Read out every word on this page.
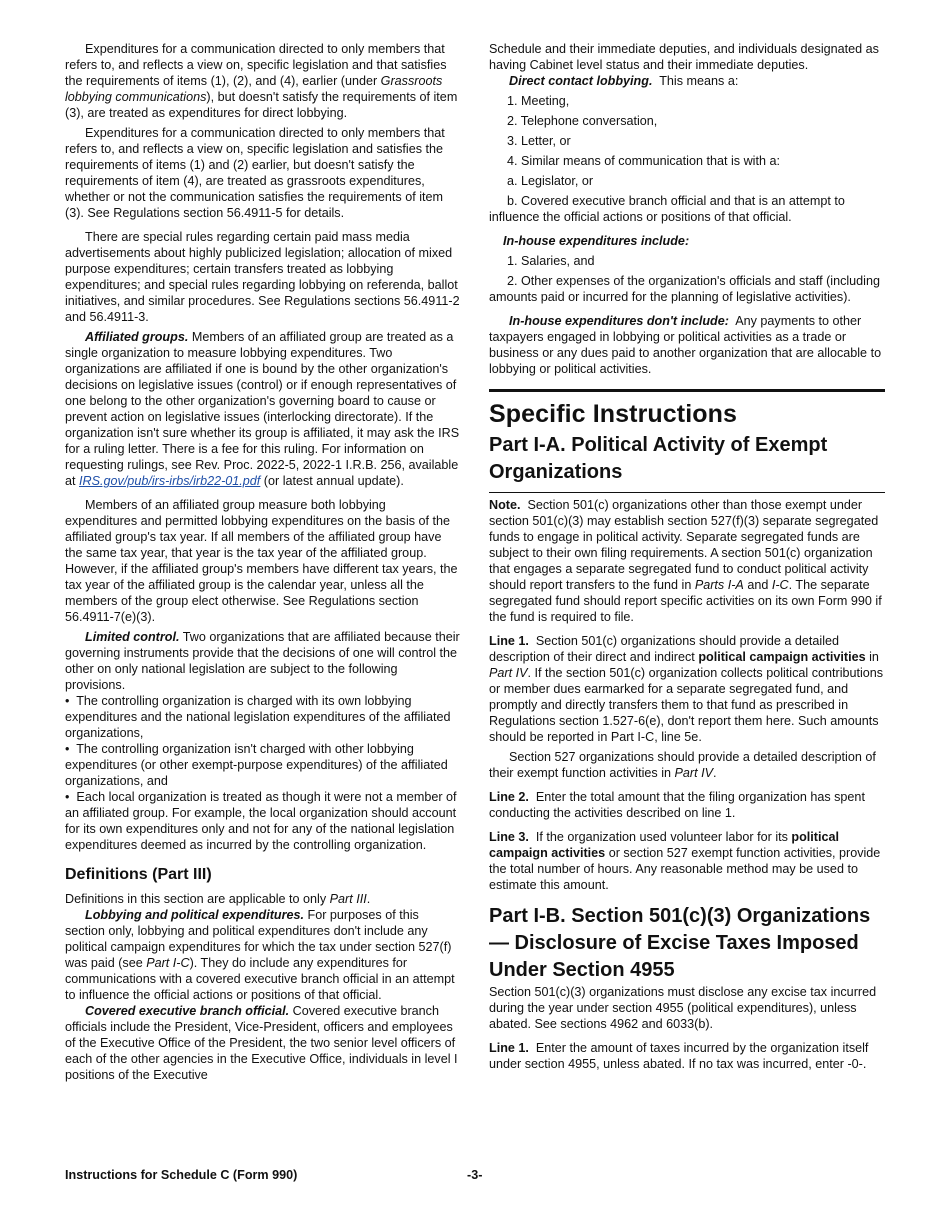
Expenditures for a communication directed to only members that refers to, and reflects a view on, specific legislation and that satisfies the requirements of items (1), (2), and (4), earlier (under Grassroots lobbying communications), but doesn't satisfy the requirements of item (3), are treated as expenditures for direct lobbying.

Expenditures for a communication directed to only members that refers to, and reflects a view on, specific legislation and satisfies the requirements of items (1) and (2) earlier, but doesn't satisfy the requirements of item (4), are treated as grassroots expenditures, whether or not the communication satisfies the requirements of item (3). See Regulations section 56.4911-5 for details.

There are special rules regarding certain paid mass media advertisements about highly publicized legislation; allocation of mixed purpose expenditures; certain transfers treated as lobbying expenditures; and special rules regarding lobbying on referenda, ballot initiatives, and similar procedures. See Regulations sections 56.4911-2 and 56.4911-3.

Affiliated groups. Members of an affiliated group are treated as a single organization to measure lobbying expenditures. Two organizations are affiliated if one is bound by the other organization's decisions on legislative issues (control) or if enough representatives of one belong to the other organization's governing board to cause or prevent action on legislative issues (interlocking directorate). If the organization isn't sure whether its group is affiliated, it may ask the IRS for a ruling letter. There is a fee for this ruling. For information on requesting rulings, see Rev. Proc. 2022-5, 2022-1 I.R.B. 256, available at IRS.gov/pub/irs-irbs/irb22-01.pdf (or latest annual update).

Members of an affiliated group measure both lobbying expenditures and permitted lobbying expenditures on the basis of the affiliated group's tax year. If all members of the affiliated group have the same tax year, that year is the tax year of the affiliated group. However, if the affiliated group's members have different tax years, the tax year of the affiliated group is the calendar year, unless all the members of the group elect otherwise. See Regulations section 56.4911-7(e)(3).

Limited control. Two organizations that are affiliated because their governing instruments provide that the decisions of one will control the other on only national legislation are subject to the following provisions.

• The controlling organization is charged with its own lobbying expenditures and the national legislation expenditures of the affiliated organizations,

• The controlling organization isn't charged with other lobbying expenditures (or other exempt-purpose expenditures) of the affiliated organizations, and

• Each local organization is treated as though it were not a member of an affiliated group. For example, the local organization should account for its own expenditures only and not for any of the national legislation expenditures deemed as incurred by the controlling organization.

Definitions (Part III)

Definitions in this section are applicable to only Part III.

Lobbying and political expenditures. For purposes of this section only, lobbying and political expenditures don't include any political campaign expenditures for which the tax under section 527(f) was paid (see Part I-C). They do include any expenditures for communications with a covered executive branch official in an attempt to influence the official actions or positions of that official.

Covered executive branch official. Covered executive branch officials include the President, Vice-President, officers and employees of the Executive Office of the President, the two senior level officers of each of the other agencies in the Executive Office, individuals in level I positions of the Executive

Schedule and their immediate deputies, and individuals designated as having Cabinet level status and their immediate deputies.

Direct contact lobbying. This means a:

1. Meeting,

2. Telephone conversation,

3. Letter, or

4. Similar means of communication that is with a:

a. Legislator, or

b. Covered executive branch official and that is an attempt to influence the official actions or positions of that official.

In-house expenditures include:

1. Salaries, and

2. Other expenses of the organization's officials and staff (including amounts paid or incurred for the planning of legislative activities).

In-house expenditures don't include: Any payments to other taxpayers engaged in lobbying or political activities as a trade or business or any dues paid to another organization that are allocable to lobbying or political activities.

Specific Instructions
Part I-A. Political Activity of Exempt Organizations

Note. Section 501(c) organizations other than those exempt under section 501(c)(3) may establish section 527(f)(3) separate segregated funds to engage in political activity. Separate segregated funds are subject to their own filing requirements. A section 501(c) organization that engages a separate segregated fund to conduct political activity should report transfers to the fund in Parts I-A and I-C. The separate segregated fund should report specific activities on its own Form 990 if the fund is required to file.

Line 1. Section 501(c) organizations should provide a detailed description of their direct and indirect political campaign activities in Part IV. If the section 501(c) organization collects political contributions or member dues earmarked for a separate segregated fund, and promptly and directly transfers them to that fund as prescribed in Regulations section 1.527-6(e), don't report them here. Such amounts should be reported in Part I-C, line 5e.

Section 527 organizations should provide a detailed description of their exempt function activities in Part IV.

Line 2. Enter the total amount that the filing organization has spent conducting the activities described on line 1.

Line 3. If the organization used volunteer labor for its political campaign activities or section 527 exempt function activities, provide the total number of hours. Any reasonable method may be used to estimate this amount.

Part I-B. Section 501(c)(3) Organizations— Disclosure of Excise Taxes Imposed Under Section 4955

Section 501(c)(3) organizations must disclose any excise tax incurred during the year under section 4955 (political expenditures), unless abated. See sections 4962 and 6033(b).

Line 1. Enter the amount of taxes incurred by the organization itself under section 4955, unless abated. If no tax was incurred, enter -0-.

Instructions for Schedule C (Form 990)	-3-
